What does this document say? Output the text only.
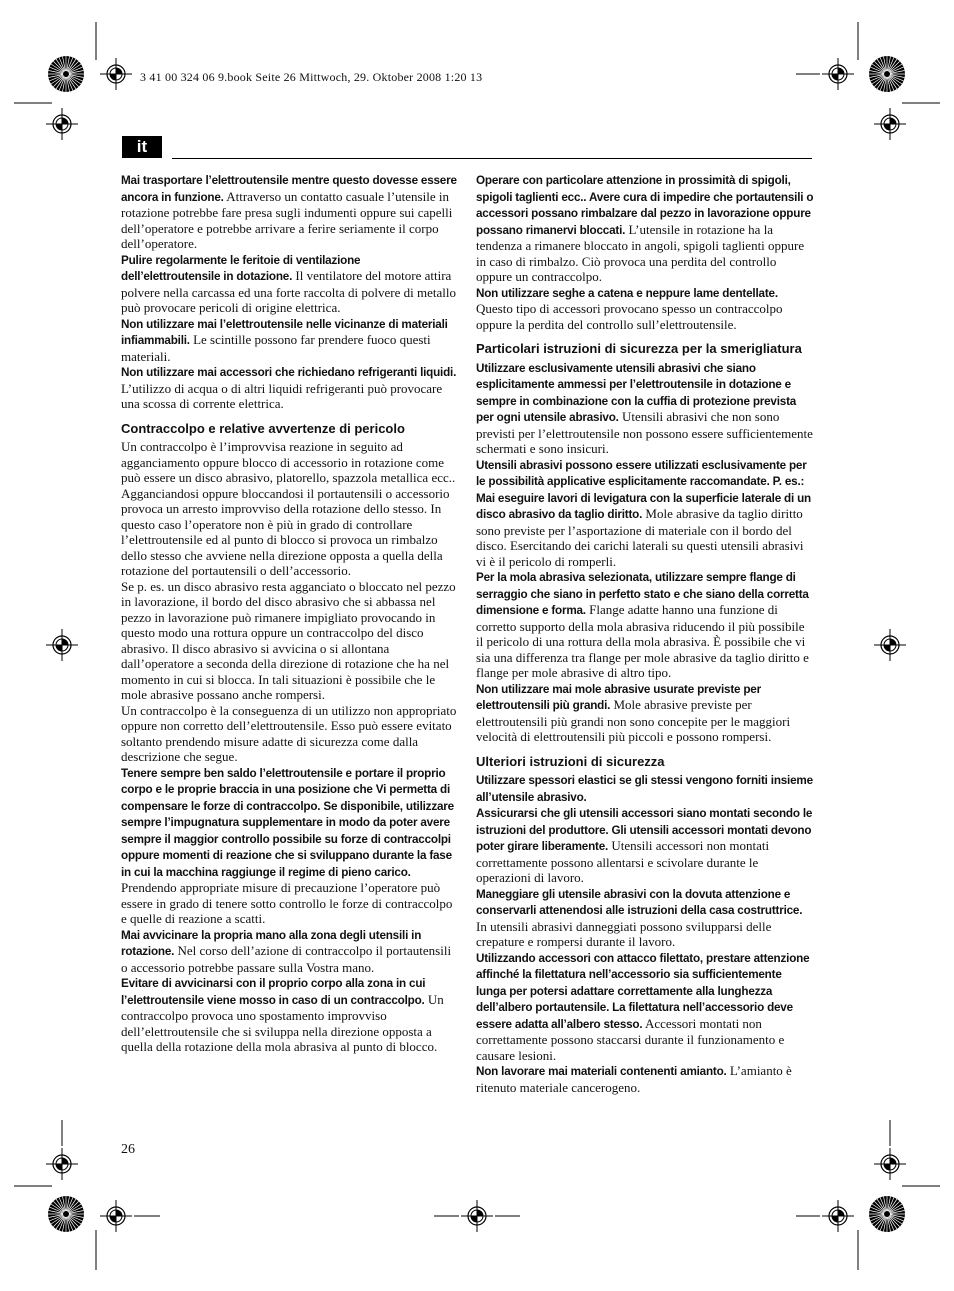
3 41 00 324 06 9.book Seite 26 Mittwoch, 29. Oktober 2008 1:20 13
it

Mai trasportare l’elettroutensile mentre questo dovesse essere ancora in funzione. Attraverso un contatto casuale l’utensile in rotazione potrebbe fare presa sugli indumenti oppure sui capelli dell’operatore e potrebbe arrivare a ferire seriamente il corpo dell’operatore.

Pulire regolarmente le feritoie di ventilazione dell’elettroutensile in dotazione. Il ventilatore del motore attira polvere nella carcassa ed una forte raccolta di polvere di metallo può provocare pericoli di origine elettrica.

Non utilizzare mai l’elettroutensile nelle vicinanze di materiali infiammabili. Le scintille possono far prendere fuoco questi materiali.

Non utilizzare mai accessori che richiedano refrigeranti liquidi. L’utilizzo di acqua o di altri liquidi refrigeranti può provocare una scossa di corrente elettrica.

Contraccolpo e relative avvertenze di pericolo

Un contraccolpo è l’improvvisa reazione in seguito ad agganciamento oppure blocco di accessorio in rotazione come può essere un disco abrasivo, platorello, spazzola metallica ecc.. Agganciandosi oppure bloccandosi il portautensili o accessorio provoca un arresto improvviso della rotazione dello stesso. In questo caso l’operatore non è più in grado di controllare l’elettroutensile ed al punto di blocco si provoca un rimbalzo dello stesso che avviene nella direzione opposta a quella della rotazione del portautensili o dell’accessorio.

Se p. es. un disco abrasivo resta agganciato o bloccato nel pezzo in lavorazione, il bordo del disco abrasivo che si abbassa nel pezzo in lavorazione può rimanere impigliato provocando in questo modo una rottura oppure un contraccolpo del disco abrasivo. Il disco abrasivo si avvicina o si allontana dall’operatore a seconda della direzione di rotazione che ha nel momento in cui si blocca. In tali situazioni è possibile che le mole abrasive possano anche rompersi.

Un contraccolpo è la conseguenza di un utilizzo non appropriato oppure non corretto dell’elettroutensile. Esso può essere evitato soltanto prendendo misure adatte di sicurezza come dalla descrizione che segue.

Tenere sempre ben saldo l’elettroutensile e portare il proprio corpo e le proprie braccia in una posizione che Vi permetta di compensare le forze di contraccolpo. Se disponibile, utilizzare sempre l’impugnatura supplementare in modo da poter avere sempre il maggior controllo possibile su forze di contraccolpi oppure momenti di reazione che si sviluppano durante la fase in cui la macchina raggiunge il regime di pieno carico. Prendendo appropriate misure di precauzione l’operatore può essere in grado di tenere sotto controllo le forze di contraccolpo e quelle di reazione a scatti.

Mai avvicinare la propria mano alla zona degli utensili in rotazione. Nel corso dell’azione di contraccolpo il portautensili o accessorio potrebbe passare sulla Vostra mano.

Evitare di avvicinarsi con il proprio corpo alla zona in cui l’elettroutensile viene mosso in caso di un contraccolpo. Un contraccolpo provoca uno spostamento improvviso dell’elettroutensile che si sviluppa nella direzione opposta a quella della rotazione della mola abrasiva al punto di blocco.

Operare con particolare attenzione in prossimità di spigoli, spigoli taglienti ecc.. Avere cura di impedire che portautensili o accessori possano rimbalzare dal pezzo in lavorazione oppure possano rimanervi bloccati. L’utensile in rotazione ha la tendenza a rimanere bloccato in angoli, spigoli taglienti oppure in caso di rimbalzo. Ciò provoca una perdita del controllo oppure un contraccolpo.

Non utilizzare seghe a catena e neppure lame dentellate. Questo tipo di accessori provocano spesso un contraccolpo oppure la perdita del controllo sull’elettroutensile.

Particolari istruzioni di sicurezza per la smerigliatura

Utilizzare esclusivamente utensili abrasivi che siano esplicitamente ammessi per l’elettroutensile in dotazione e sempre in combinazione con la cuffia di protezione prevista per ogni utensile abrasivo. Utensili abrasivi che non sono previsti per l’elettroutensile non possono essere sufficientemente schermati e sono insicuri.

Utensili abrasivi possono essere utilizzati esclusivamente per le possibilità applicative esplicitamente raccomandate. P. es.: Mai eseguire lavori di levigatura con la superficie laterale di un disco abrasivo da taglio diritto. Mole abrasive da taglio diritto sono previste per l’asportazione di materiale con il bordo del disco. Esercitando dei carichi laterali su questi utensili abrasivi vi è il pericolo di romperli.

Per la mola abrasiva selezionata, utilizzare sempre flange di serraggio che siano in perfetto stato e che siano della corretta dimensione e forma. Flange adatte hanno una funzione di corretto supporto della mola abrasiva riducendo il più possibile il pericolo di una rottura della mola abrasiva. È possibile che vi sia una differenza tra flange per mole abrasive da taglio diritto e flange per mole abrasive di altro tipo.

Non utilizzare mai mole abrasive usurate previste per elettroutensili più grandi. Mole abrasive previste per elettroutensili più grandi non sono concepite per le maggiori velocità di elettroutensili più piccoli e possono rompersi.

Ulteriori istruzioni di sicurezza

Utilizzare spessori elastici se gli stessi vengono forniti insieme all’utensile abrasivo.

Assicurarsi che gli utensili accessori siano montati secondo le istruzioni del produttore. Gli utensili accessori montati devono poter girare liberamente. Utensili accessori non montati correttamente possono allentarsi e scivolare durante le operazioni di lavoro.

Maneggiare gli utensile abrasivi con la dovuta attenzione e conservarli attenendosi alle istruzioni della casa costruttrice. In utensili abrasivi danneggiati possono svilupparsi delle crepature e rompersi durante il lavoro.

Utilizzando accessori con attacco filettato, prestare attenzione affinché la filettatura nell’accessorio sia sufficientemente lunga per potersi adattare correttamente alla lunghezza dell’albero portautensile. La filettatura nell’accessorio deve essere adatta all’albero stesso. Accessori montati non correttamente possono staccarsi durante il funzionamento e causare lesioni.

Non lavorare mai materiali contenenti amianto. L’amianto è ritenuto materiale cancerogeno.

26
